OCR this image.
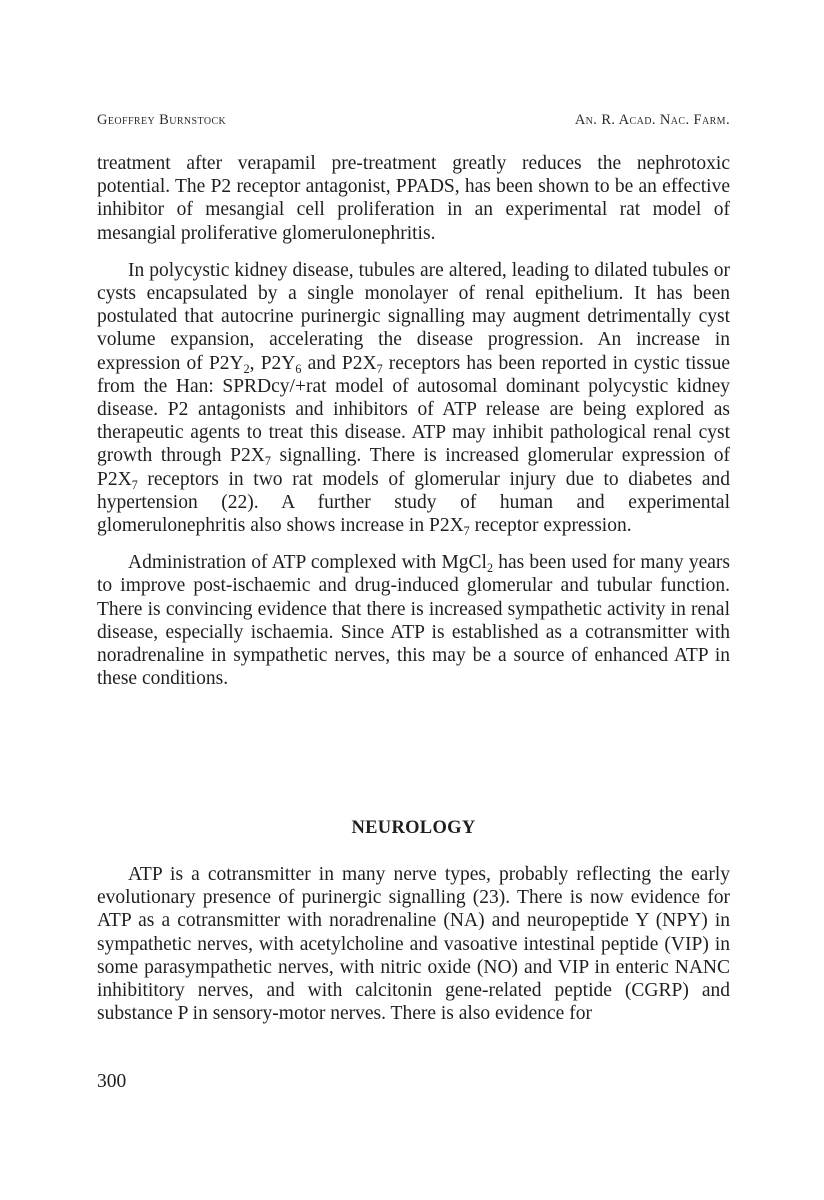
Geoffrey Burnstock	An. R. Acad. Nac. Farm.

treatment after verapamil pre-treatment greatly reduces the nephrotoxic potential. The P2 receptor antagonist, PPADS, has been shown to be an effective inhibitor of mesangial cell proliferation in an experimental rat model of mesangial proliferative glomerulonephritis.

In polycystic kidney disease, tubules are altered, leading to dilated tubules or cysts encapsulated by a single monolayer of renal epithelium. It has been postulated that autocrine purinergic signalling may augment detrimentally cyst volume expansion, accelerating the disease progression. An increase in expression of $P2Y_2$, $P2Y_6$ and $P2X_7$ receptors has been reported in cystic tissue from the Han: SPRDcy/+rat model of autosomal dominant polycystic kidney disease. P2 antagonists and inhibitors of ATP release are being explored as therapeutic agents to treat this disease. ATP may inhibit pathological renal cyst growth through $P2X_7$ signalling. There is increased glomerular expression of $P2X_7$ receptors in two rat models of glomerular injury due to diabetes and hypertension (22). A further study of human and experimental glomerulonephritis also shows increase in $P2X_7$ receptor expression.

Administration of ATP complexed with MgCl$_2$ has been used for many years to improve post-ischaemic and drug-induced glomerular and tubular function. There is convincing evidence that there is increased sympathetic activity in renal disease, especially ischaemia. Since ATP is established as a cotransmitter with noradrenaline in sympathetic nerves, this may be a source of enhanced ATP in these conditions.

NEUROLOGY

ATP is a cotransmitter in many nerve types, probably reflecting the early evolutionary presence of purinergic signalling (23). There is now evidence for ATP as a cotransmitter with noradrenaline (NA) and neuropeptide Y (NPY) in sympathetic nerves, with acetylcholine and vasoative intestinal peptide (VIP) in some parasympathetic nerves, with nitric oxide (NO) and VIP in enteric NANC inhibititory nerves, and with calcitonin gene-related peptide (CGRP) and substance P in sensory-motor nerves. There is also evidence for

300
